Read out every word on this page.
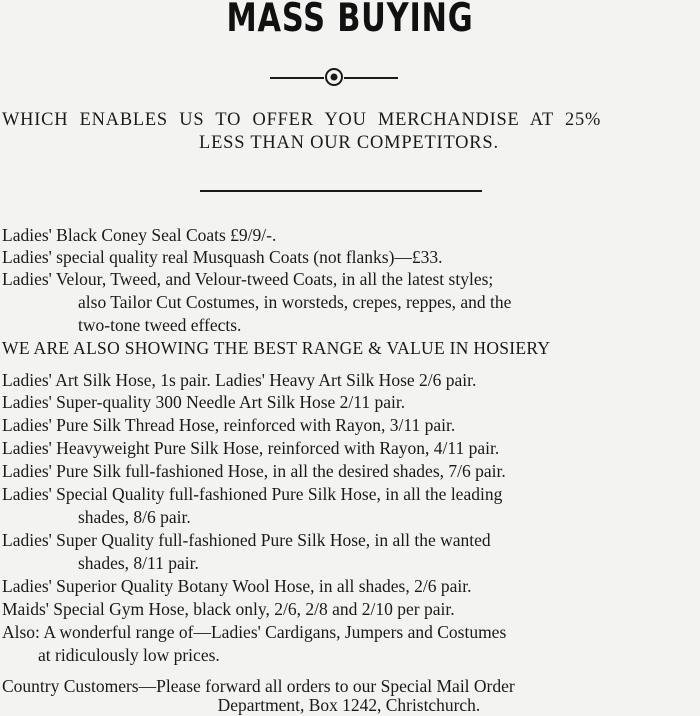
MASS BUYING
WHICH ENABLES US TO OFFER YOU MERCHANDISE AT 25%
LESS THAN OUR COMPETITORS.
Ladies' Black Coney Seal Coats £9/9/-.
Ladies' special quality real Musquash Coats (not flanks)—£33.
Ladies' Velour, Tweed, and Velour-tweed Coats, in all the latest styles;
also Tailor Cut Costumes, in worsteds, crepes, reppes, and the
two-tone tweed effects.
WE ARE ALSO SHOWING THE BEST RANGE & VALUE IN HOSIERY
Ladies' Art Silk Hose, 1s pair. Ladies' Heavy Art Silk Hose 2/6 pair.
Ladies' Super-quality 300 Needle Art Silk Hose 2/11 pair.
Ladies' Pure Silk Thread Hose, reinforced with Rayon, 3/11 pair.
Ladies' Heavyweight Pure Silk Hose, reinforced with Rayon, 4/11 pair.
Ladies' Pure Silk full-fashioned Hose, in all the desired shades, 7/6 pair.
Ladies' Special Quality full-fashioned Pure Silk Hose, in all the leading
shades, 8/6 pair.
Ladies' Super Quality full-fashioned Pure Silk Hose, in all the wanted
shades, 8/11 pair.
Ladies' Superior Quality Botany Wool Hose, in all shades, 2/6 pair.
Maids' Special Gym Hose, black only, 2/6, 2/8 and 2/10 per pair.
Also: A wonderful range of—Ladies' Cardigans, Jumpers and Costumes
at ridiculously low prices.
Country Customers—Please forward all orders to our Special Mail Order
Department, Box 1242, Christchurch.
